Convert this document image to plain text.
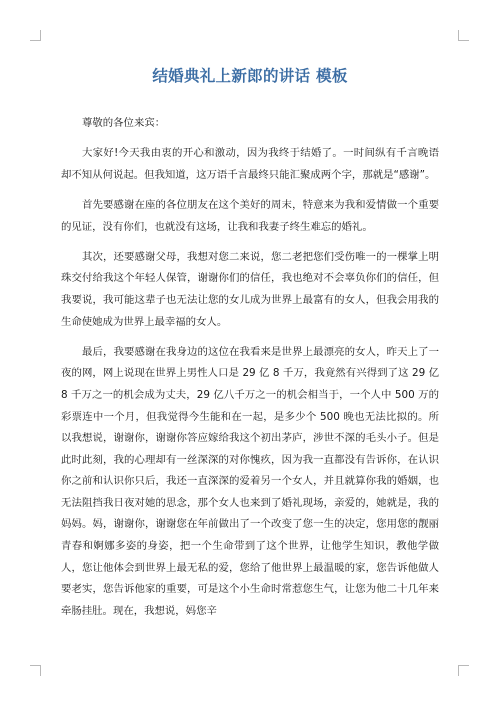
结婚典礼上新郎的讲话 模板

尊敬的各位来宾：

大家好!今天我由衷的开心和激动，因为我终于结婚了。一时间纵有千言晚语却不知从何说起。但我知道，这万语千言最终只能汇聚成两个字，那就是“感谢”。

首先要感谢在座的各位朋友在这个美好的周末，特意来为我和爱情做一个重要的见证，没有你们，也就没有这场，让我和我妻子终生难忘的婚礼。

其次，还要感谢父母，我想对您二来说，您二老把您们受伤唯一的一棵掌上明珠交付给我这个年轻人保管，谢谢你们的信任，我也绝对不会辜负你们的信任，但我要说，我可能这辈子也无法让您的女儿成为世界上最富有的女人，但我会用我的生命使她成为世界上最幸福的女人。

最后，我要感谢在我身边的这位在我看来是世界上最漂亮的女人，昨天上了一夜的网，网上说现在世界上男性人口是 29 亿 8 千万，我竟然有兴得到了这 29 亿 8 千万之一的机会成为丈夫，29 亿八千万之一的机会相当于，一个人中 500 万的彩票连中一个月，但我觉得今生能和在一起，是多少个 500 晚也无法比拟的。所以我想说，谢谢你，谢谢你答应嫁给我这个初出茅庐，涉世不深的毛头小子。但是此时此刻，我的心理却有一丝深深的对你愧疚，因为我一直都没有告诉你，在认识你之前和认识你只后，我还一直深深的爱着另一个女人，并且就算你我的婚姻，也无法阻挡我日夜对她的思念，那个女人也来到了婚礼现场，亲爱的，她就是，我的妈妈。妈，谢谢你，谢谢您在年前做出了一个改变了您一生的决定，您用您的靓丽青春和婀娜多姿的身姿，把一个生命带到了这个世界，让他学生知识，教他学做人，您让他体会到世界上最无私的爱，您给了他世界上最温暖的家，您告诉他做人要老实，您告诉他家的重要，可是这个小生命时常惹您生气，让您为他二十几年来牵肠挂肚。现在，我想说，妈您辛
